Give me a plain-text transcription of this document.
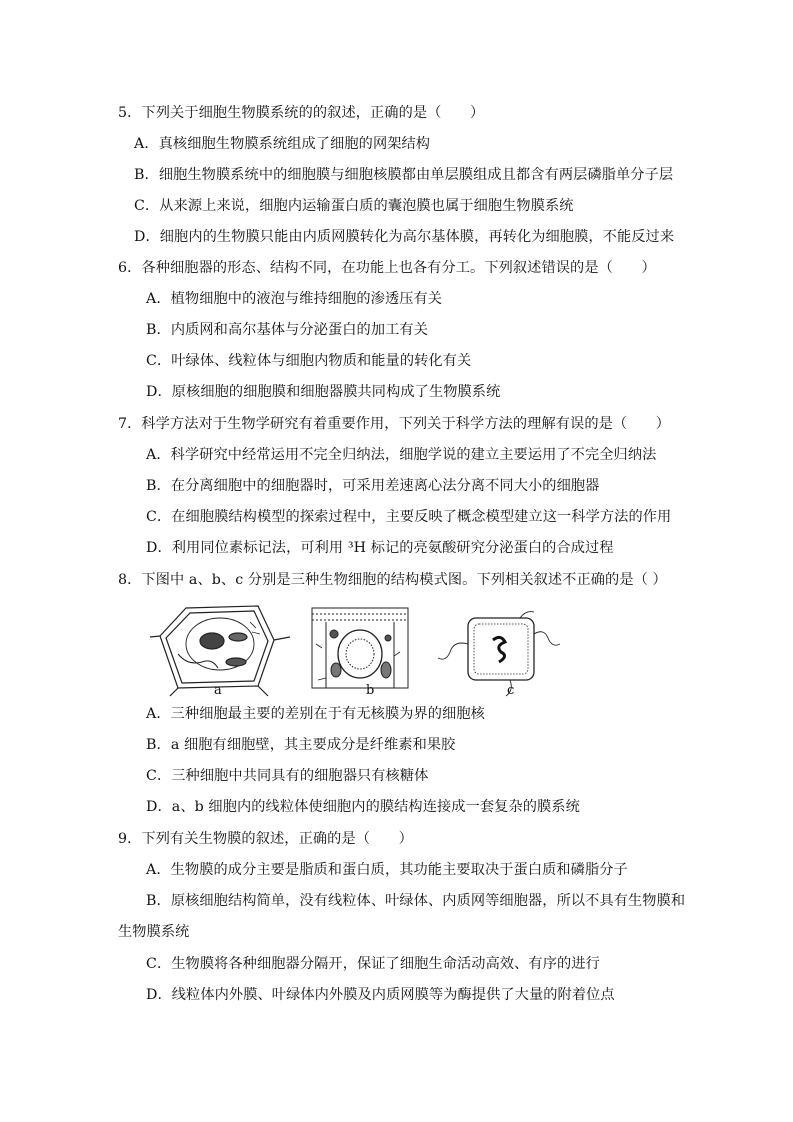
5．下列关于细胞生物膜系统的的叙述，正确的是（　　）
A．真核细胞生物膜系统组成了细胞的网架结构
B．细胞生物膜系统中的细胞膜与细胞核膜都由单层膜组成且都含有两层磷脂单分子层
C．从来源上来说，细胞内运输蛋白质的囊泡膜也属于细胞生物膜系统
D．细胞内的生物膜只能由内质网膜转化为高尔基体膜，再转化为细胞膜，不能反过来
6．各种细胞器的形态、结构不同，在功能上也各有分工。下列叙述错误的是（　　）
A．植物细胞中的液泡与维持细胞的渗透压有关
B．内质网和高尔基体与分泌蛋白的加工有关
C．叶绿体、线粒体与细胞内物质和能量的转化有关
D．原核细胞的细胞膜和细胞器膜共同构成了生物膜系统
7．科学方法对于生物学研究有着重要作用，下列关于科学方法的理解有误的是（　　）
A．科学研究中经常运用不完全归纳法，细胞学说的建立主要运用了不完全归纳法
B．在分离细胞中的细胞器时，可采用差速离心法分离不同大小的细胞器
C．在细胞膜结构模型的探索过程中，主要反映了概念模型建立这一科学方法的作用
D．利用同位素标记法，可利用 ³H 标记的亮氨酸研究分泌蛋白的合成过程
8．下图中 a、b、c 分别是三种生物细胞的结构模式图。下列相关叙述不正确的是（ ）
a	b	c
A．三种细胞最主要的差别在于有无核膜为界的细胞核
B．a 细胞有细胞壁，其主要成分是纤维素和果胶
C．三种细胞中共同具有的细胞器只有核糖体
D．a、b 细胞内的线粒体使细胞内的膜结构连接成一套复杂的膜系统
9．下列有关生物膜的叙述，正确的是（　　）
A．生物膜的成分主要是脂质和蛋白质，其功能主要取决于蛋白质和磷脂分子
B．原核细胞结构简单，没有线粒体、叶绿体、内质网等细胞器，所以不具有生物膜和
生物膜系统
C．生物膜将各种细胞器分隔开，保证了细胞生命活动高效、有序的进行
D．线粒体内外膜、叶绿体内外膜及内质网膜等为酶提供了大量的附着位点
